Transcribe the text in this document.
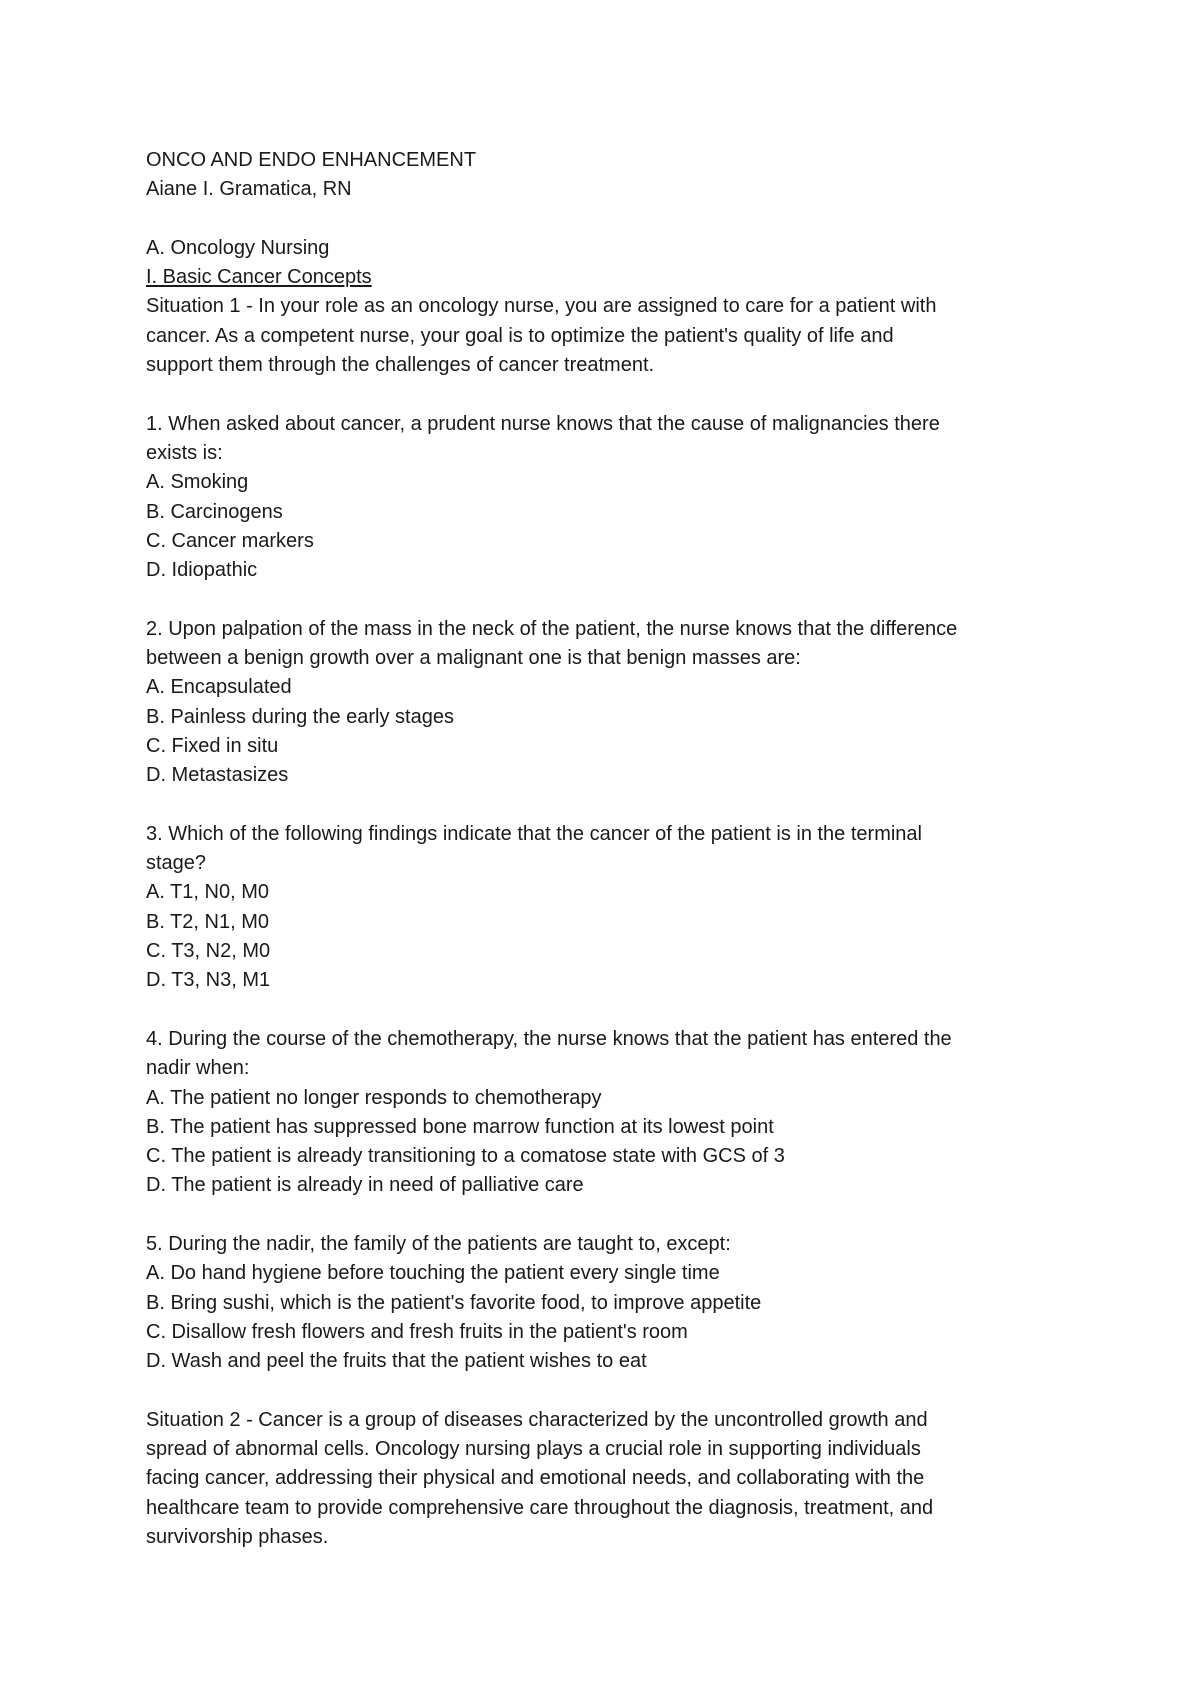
ONCO AND ENDO ENHANCEMENT

Aiane I. Gramatica, RN

A. Oncology Nursing

I. Basic Cancer Concepts

Situation 1 - In your role as an oncology nurse, you are assigned to care for a patient with

cancer. As a competent nurse, your goal is to optimize the patient's quality of life and

support them through the challenges of cancer treatment.

1. When asked about cancer, a prudent nurse knows that the cause of malignancies there

exists is:

A. Smoking
B. Carcinogens
C. Cancer markers
D. Idiopathic

2. Upon palpation of the mass in the neck of the patient, the nurse knows that the difference

between a benign growth over a malignant one is that benign masses are:

A. Encapsulated
B. Painless during the early stages
C. Fixed in situ
D. Metastasizes

3. Which of the following findings indicate that the cancer of the patient is in the terminal

stage?

A. T1, N0, M0
B. T2, N1, M0
C. T3, N2, M0
D. T3, N3, M1

4. During the course of the chemotherapy, the nurse knows that the patient has entered the

nadir when:

A. The patient no longer responds to chemotherapy
B. The patient has suppressed bone marrow function at its lowest point
C. The patient is already transitioning to a comatose state with GCS of 3
D. The patient is already in need of palliative care

5. During the nadir, the family of the patients are taught to, except:

A. Do hand hygiene before touching the patient every single time
B. Bring sushi, which is the patient's favorite food, to improve appetite
C. Disallow fresh flowers and fresh fruits in the patient's room
D. Wash and peel the fruits that the patient wishes to eat

Situation 2 - Cancer is a group of diseases characterized by the uncontrolled growth and

spread of abnormal cells. Oncology nursing plays a crucial role in supporting individuals

facing cancer, addressing their physical and emotional needs, and collaborating with the

healthcare team to provide comprehensive care throughout the diagnosis, treatment, and

survivorship phases.
